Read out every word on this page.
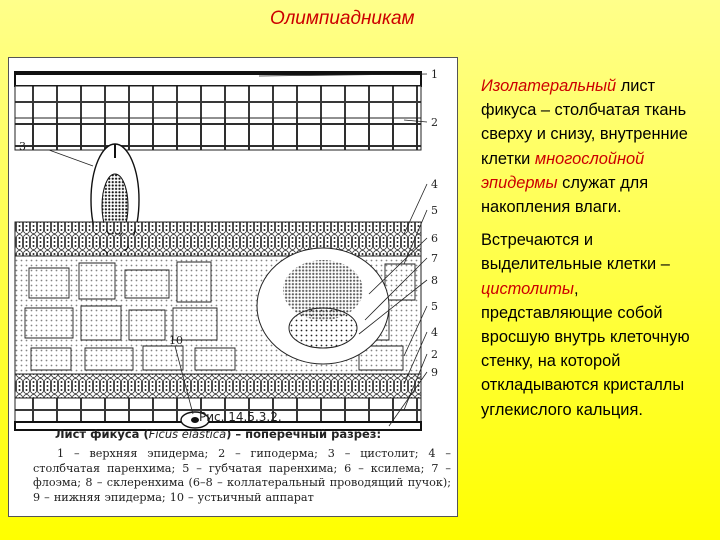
Олимпиадникам
1
2
3
4
5
6
7
8
5
4
2
9
10
Рис. 14.5.3.2.
Лист фикуса (Ficus elastica) – поперечный разрез:
1 – верхняя эпидерма; 2 – гиподерма; 3 – цистолит; 4 – столбчатая паренхима; 5 – губчатая паренхима; 6 – ксилема; 7 – флоэма; 8 – склеренхима (6–8 – коллатеральный проводящий пучок); 9 – нижняя эпидерма; 10 – устьичный аппарат

Изолатеральный лист фикуса – столбчатая ткань сверху и снизу, внутренние клетки многослойной эпидермы служат для накопления влаги.

Встречаются и выделительные клетки – цистолиты, представляющие собой вросшую внутрь клеточную стенку, на которой откладываются кристаллы углекислого кальция.
